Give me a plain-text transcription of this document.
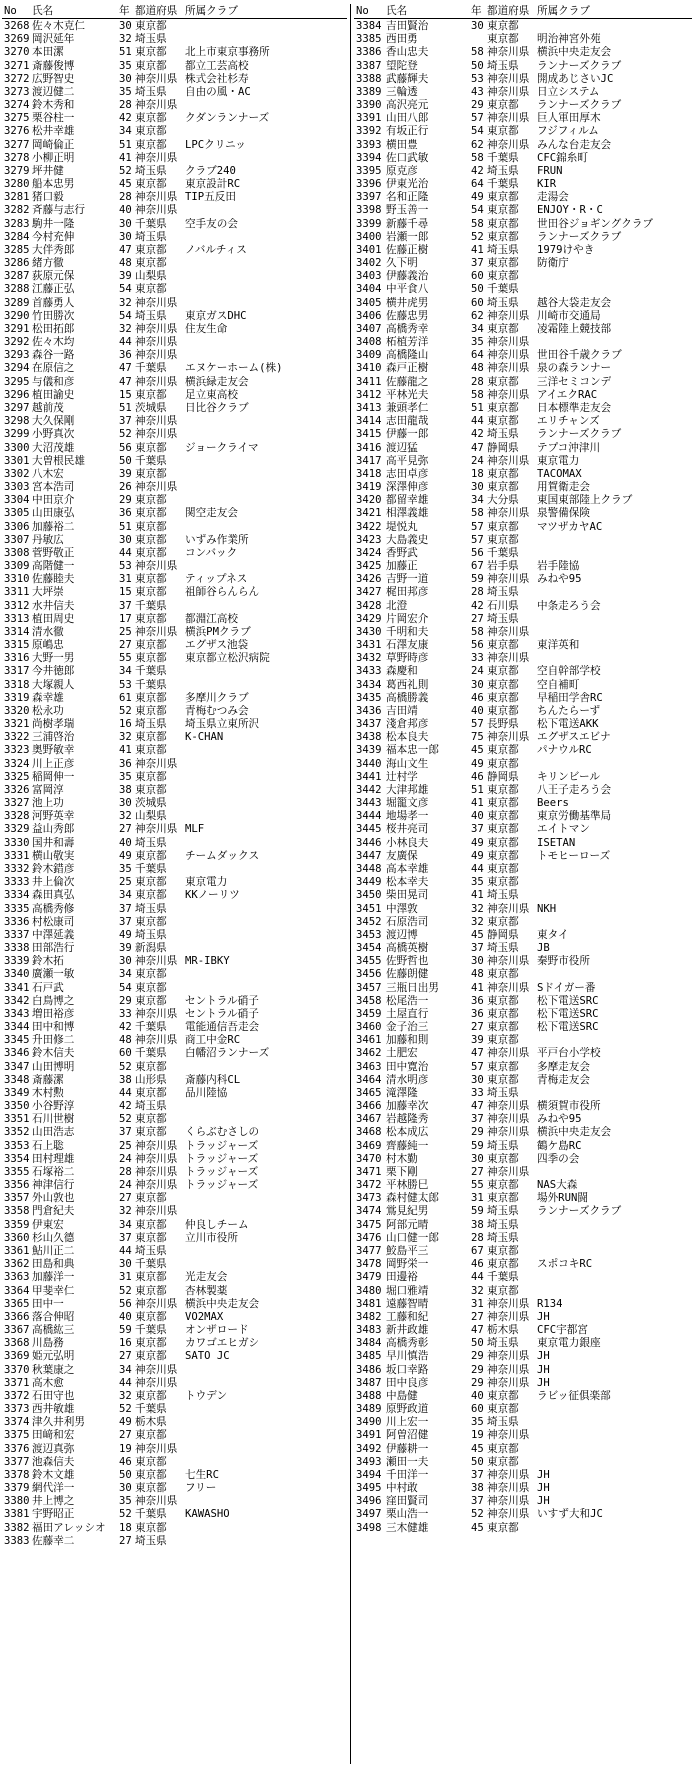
No	氏名	年 都道府県 所属クラブ
3268 佐々木克仁	30 東京都
3269 岡沢延年	32 埼玉県
3270 本田潔	51 東京都	北上市東京事務所
3271 斎藤俊博	35 東京都	都立工芸高校
3272 広野智史	30 神奈川県 株式会社杉寿
3273 渡辺健二	35 埼玉県	自由の風・AC
3274 鈴木秀和	28 神奈川県
3275 栗谷柱一	42 東京都	クダンランナーズ
3276 松井幸雄	34 東京都
3277 岡崎倫正	51 東京都	LPCクリニッ
3278 小柳正明	41 神奈川県
3279 坪井健	52 埼玉県	クラブ240
3280 船本忠男	45 東京都	東京設計RC
3281 猪口毅	28 神奈川県 TIP五反田
3282 斉藤与志行	40 神奈川県
3283 駒井一隆	30 千葉県	空手友の会
3284 今村充伸	30 埼玉県
3285 大伴秀郎	47 東京都	ノバルチィス
3286 緒方徹	48 東京都
3287 荻原元保	39 山梨県
3288 江藤正弘	54 東京都
3289 首藤勇人	32 神奈川県
3290 竹田勝次	54 埼玉県	東京ガスDHC
3291 松田拓郎	32 神奈川県 住友生命
3292 佐々木均	44 神奈川県
3293 森谷一路	36 神奈川県
3294 在原信之	47 千葉県	エヌケーホーム(株)
3295 与儀和彦	47 神奈川県 横浜緑走友会
3296 植田諭史	15 東京都	足立東高校
3297 越前茂	51 茨城県	日比谷クラブ
3298 大久保剛	37 神奈川県
3299 小野真次	52 神奈川県
3300 大沼茂雄	56 東京都	ジョークライマ
3301 大曽根民雄	50 千葉県
3302 八木宏	39 東京都
3303 宮本浩司	26 神奈川県
3304 中田京介	29 東京都
3305 山田康弘	36 東京都	関空走友会
3306 加藤裕二	51 東京都
3307 丹敏広	30 東京都	いずみ作業所
3308 菅野敬正	44 東京都	コンバック
3309 高階健一	53 神奈川県
3310 佐藤睦夫	31 東京都	ティップネス
3311 大坪崇	15 東京都	祖師谷らんらん
3312 水井信夫	37 千葉県
3313 植田周史	17 東京都	都淵江高校
3314 清水徹	25 神奈川県 横浜PMクラブ
3315 原嶋忠	27 東京都	エグザス池袋
3316 大野一男	55 東京都	東京都立松沢病院
3317 今井徳郎	34 千葉県
3318 大塚親人	53 千葉県
3319 森幸雄	61 東京都	多摩川クラブ
3320 松永功	52 東京都	青梅むつみ会
3321 尚樹孝瑞	16 埼玉県	埼玉県立東所沢
3322 三浦啓治	32 東京都	K-CHAN
3323 奥野敏幸	41 東京都
3324 川上正彦	36 神奈川県
3325 稲岡伸一	35 東京都
3326 富岡淳	38 東京都
3327 池上功	30 茨城県
3328 河野英幸	32 山梨県
3329 益山秀郎	27 神奈川県 MLF
3330 国井和壽	40 埼玉県
3331 横山敬実	49 東京都	チームダックス
3332 鈴木錯彦	35 千葉県
3333 井上倫次	25 東京都	東京電力
3334 森田真弘	34 東京都	KKノーリツ
3335 高橋秀修	37 埼玉県
3336 村松康司	37 東京都
3337 中澤延義	49 埼玉県
3338 田部浩行	39 新潟県
3339 鈴木拓	30 神奈川県 MR-IBKY
3340 廣瀬一敏	34 東京都
3341 石戸武	54 東京都
3342 白鳥博之	29 東京都	セントラル硝子
3343 増田裕彦	33 神奈川県 セントラル硝子
3344 田中和博	42 千葉県	電能通信吾走会
3345 升田修二	48 神奈川県 商工中金RC
3346 鈴木信夫	60 千葉県	白幡沼ランナーズ
3347 山田博明	52 東京都
3348 斎藤潔	38 山形県	斎藤内科CL
3349 木村勲	44 東京都	品川陸協
3350 小谷野淳	42 埼玉県
3351 石川世樹	52 東京都
3352 山田浩志	37 東京都	くらぶむさしの
3353 石上聡	25 神奈川県 トラッジャーズ
3354 田村理雄	24 神奈川県 トラッジャーズ
3355 石塚裕二	28 神奈川県 トラッジャーズ
3356 神津信行	24 神奈川県 トラッジャーズ
3357 外山敦也	27 東京都
3358 門倉紀夫	32 神奈川県
3359 伊東宏	34 東京都	仲良しチーム
3360 杉山久德	37 東京都	立川市役所
3361 鮎川正二	44 埼玉県
3362 田島和典	30 千葉県
3363 加藤洋一	31 東京都	光走友会
3364 甲斐幸仁	52 東京都	杏林製薬
3365 田中一	56 神奈川県 横浜中央走友会
3366 落合伸昭	40 東京都	VO2MAX
3367 高橋紘三	59 千葉県	オンザロード
3368 川島務	16 東京都	カワゴエヒガシ
3369 姫元弘明	27 東京都	SATO JC
3370 秋葉康之	34 神奈川県
3371 高木愈	44 神奈川県
3372 石田守也	32 東京都	トウデン
3373 西井敏雄	52 千葉県
3374 津久井利男	49 栃木県
3375 田﨑和宏	27 東京都
3376 渡辺真弥	19 神奈川県
3377 池森信夫	46 東京都
3378 鈴木文雄	50 東京都	七生RC
3379 網代洋一	30 東京都	フリー
3380 井上博之	35 神奈川県
3381 宇野昭正	52 千葉県	KAWASHO
3382 福田アレッシオ	18 東京都
3383 佐藤幸二	27 埼玉県
No	氏名	年 都道府県 所属クラブ
3384 吉田賢治	30 東京都
3385 西田勇	東京都	明治神宮外苑
3386 香山忠夫	58 神奈川県 横浜中央走友会
3387 望陀登	50 埼玉県	ランナーズクラブ
3388 武藤輝夫	53 神奈川県 開成あじさいJC
3389 三輪透	43 神奈川県 日立システム
3390 高沢亮元	29 東京都	ランナーズクラブ
3391 山田八郎	57 神奈川県 巨人軍田厚木
3392 有坂正行	54 東京都	フジフィルム
3393 横田豊	62 神奈川県 みんな台走友会
3394 佐口武敏	58 千葉県	CFC錦糸町
3395 原克彦	42 埼玉県	FRUN
3396 伊東光治	64 千葉県	KIR
3397 名和正隆	49 東京都	走湯会
3398 野玉善一	54 東京都	ENJOY・R・C
3399 新藤千尋	58 東京都	世田谷ジョギングクラブ
3400 岩瀬一郎	52 東京都	ランナーズクラブ
3401 佐藤正樹	41 埼玉県	1979けやき
3402 久下明	37 東京都	防衛庁
3403 伊藤義治	60 東京都
3404 中平食八	50 千葉県
3405 横井虎男	60 埼玉県	越谷大袋走友会
3406 佐藤忠男	62 神奈川県 川崎市交通局
3407 高橋秀幸	34 東京都	凌霜陸上競技部
3408 柘植芳洋	35 神奈川県
3409 高橋隆山	64 神奈川県 世田谷千歳クラブ
3410 森戸正樹	48 神奈川県 泉の森ランナー
3411 佐藤龍之	28 東京都	三洋セミコンデ
3412 平林光夫	58 神奈川県 アイエクRAC
3413 兼頭孝仁	51 東京都	日本標準走友会
3414 志田龍哉	44 東京都	エリチャンズ
3415 伊藤一郎	42 埼玉県	ランナーズクラブ
3416 渡辺猛	47 静岡県	テプコ沖津川
3417 高平見弥	24 神奈川県 東京電力
3418 志田卓彦	18 東京都	TACOMAX
3419 深澤伸彦	30 東京都	用賀衛走会
3420 都留幸雄	34 大分県	東国東部陸上クラブ
3421 相澤義雄	58 神奈川県 泉警備保険
3422 堤悦丸	57 東京都	マツザカヤAC
3423 大島義史	57 東京都
3424 香野武	56 千葉県
3425 加藤正	67 岩手県	岩手陸協
3426 吉野一道	59 神奈川県 みねや95
3427 梶田邦彦	28 埼玉県
3428 北澄	42 石川県	中条走ろう会
3429 片岡宏介	27 埼玉県
3430 千明和夫	58 神奈川県
3431 石澤友康	56 東京都	東洋英和
3432 草野時彦	33 神奈川県
3433 森慶和	24 東京都	空自幹部学校
3434 葛西礼則	30 東京都	空自補町
3435 高橋勝義	46 東京都	早稲田学舎RC
3436 吉田靖	40 東京都	ちんたらーず
3437 淺倉邦彦	57 長野県	松下電送AKK
3438 松本良夫	75 神奈川県 エグザスエビナ
3439 福本忠一郎	45 東京都	パナウルRC
3440 海山文生	49 東京都
3441 辻村学	46 静岡県	キリンビール
3442 大津邦雄	51 東京都	八王子走ろう会
3443 堀籠文彦	41 東京都	Beers
3444 地場孝一	40 東京都	東京労働基準局
3445 桜井亮司	37 東京都	エイトマン
3446 小林良夫	49 東京都	ISETAN
3447 友廣保	49 東京都	トモヒーローズ
3448 高本幸雄	44 東京都
3449 松本幸夫	35 東京都
3450 柴田晃司	41 埼玉県
3451 中澤敦	32 神奈川県 NKH
3452 石原浩司	32 東京都
3453 渡辺博	45 静岡県	東タイ
3454 高橋英樹	37 埼玉県	JB
3455 佐野哲也	30 神奈川県 秦野市役所
3456 佐藤朗健	48 東京都
3457 三瓶日出男	41 神奈川県 Sドイガー番
3458 松尾浩一	36 東京都	松下電送SRC
3459 土屋直行	36 東京都	松下電送SRC
3460 金子治三	27 東京都	松下電送SRC
3461 加藤和則	39 東京都
3462 土肥宏	47 神奈川県 平戸台小学校
3463 田中寛治	57 東京都	多摩走友会
3464 清水明彦	30 東京都	青梅走友会
3465 滝澤隆	33 埼玉県
3466 加藤幸次	47 神奈川県 横須賀市役所
3467 岩越隆秀	37 神奈川県 みねや95
3468 松本成広	29 神奈川県 横浜中央走友会
3469 齊藤純一	59 埼玉県	鶴ケ島RC
3470 村木勤	30 東京都	四季の会
3471 栗下剛	27 神奈川県
3472 平林勝巳	55 東京都	NAS大森
3473 森村健太郎	31 東京都	場外RUN闘
3474 鴬見紀男	59 埼玉県	ランナーズクラブ
3475 阿部元晴	38 埼玉県
3476 山口健一郎	28 埼玉県
3477 鮫島平三	67 東京都
3478 岡野栄一	46 東京都	スポコキRC
3479 田邊裕	44 千葉県
3480 堀口雅靖	32 東京都
3481 遠藤智晴	31 神奈川県 R134
3482 工藤和紀	27 神奈川県 JH
3483 新井政雄	47 栃木県	CFC宇都宮
3484 高橋秀彰	50 埼玉県	東京電力銀座
3485 早川慎浩	29 神奈川県 JH
3486 坂口幸路	29 神奈川県 JH
3487 田中良彦	29 神奈川県 JH
3488 中島健	40 東京都	ラビッ征俱楽部
3489 原野政道	60 東京都
3490 川上宏一	35 埼玉県
3491 阿曽沼健	19 神奈川県
3492 伊藤耕一	45 東京都
3493 瀬田一夫	50 東京都
3494 千田洋一	37 神奈川県 JH
3495 中村敢	38 神奈川県 JH
3496 窪田賢司	37 神奈川県 JH
3497 栗山浩一	52 神奈川県 いすず大和JC
3498 三木健雄	45 東京都
